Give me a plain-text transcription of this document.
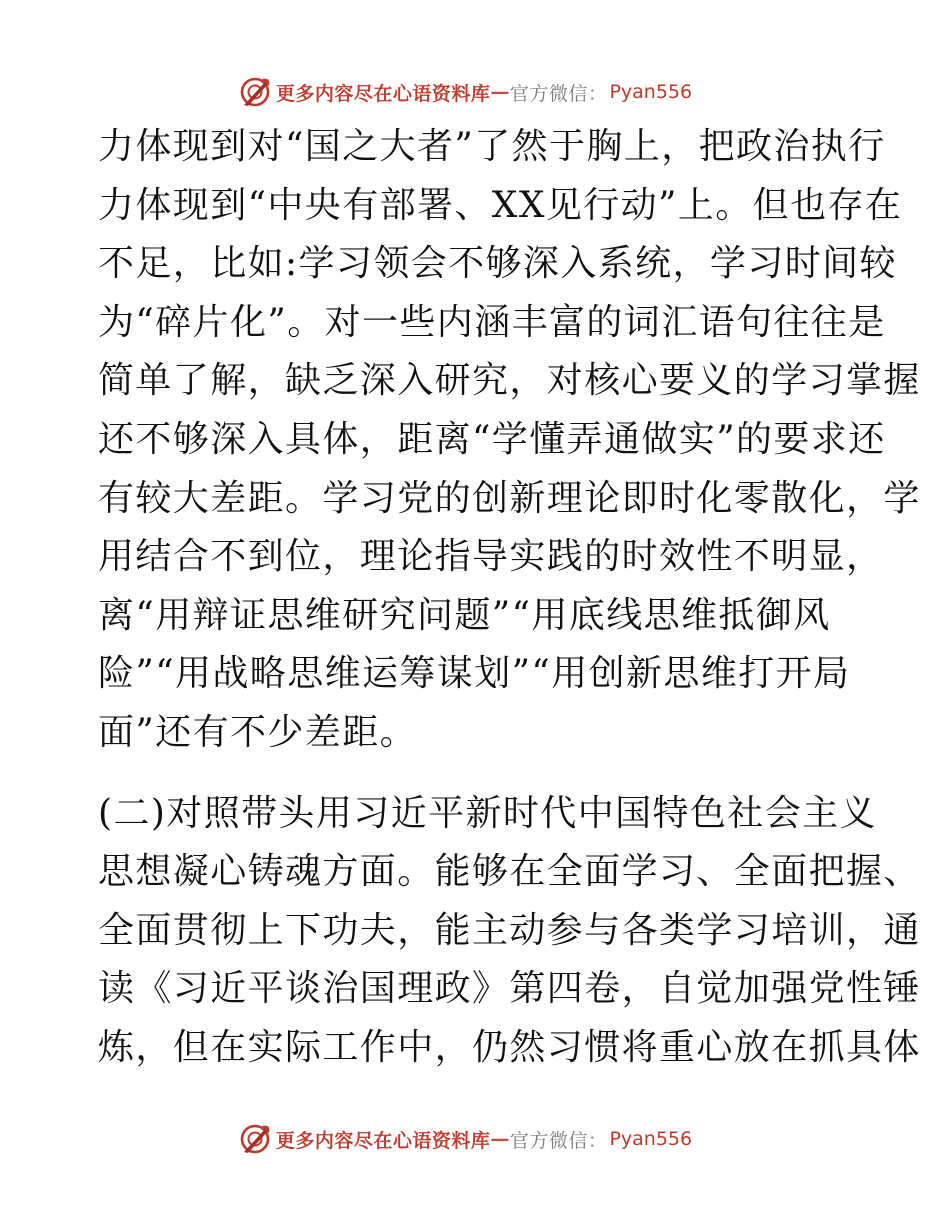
更多内容尽在心语资料库 — 官方微信： Pyan556
力体现到对“国之大者”了然于胸上，把政治执行
力体现到“中央有部署、XX见行动”上。但也存在
不足，比如:学习领会不够深入系统，学习时间较
为“碎片化”。对一些内涵丰富的词汇语句往往是
简单了解，缺乏深入研究，对核心要义的学习掌握
还不够深入具体，距离“学懂弄通做实”的要求还
有较大差距。学习党的创新理论即时化零散化，学
用结合不到位，理论指导实践的时效性不明显，
离“用辩证思维研究问题”“用底线思维抵御风
险”“用战略思维运筹谋划”“用创新思维打开局
面”还有不少差距。
(二)对照带头用习近平新时代中国特色社会主义
思想凝心铸魂方面。能够在全面学习、全面把握、
全面贯彻上下功夫，能主动参与各类学习培训，通
读《习近平谈治国理政》第四卷，自觉加强党性锤
炼，但在实际工作中，仍然习惯将重心放在抓具体
更多内容尽在心语资料库 — 官方微信： Pyan556
